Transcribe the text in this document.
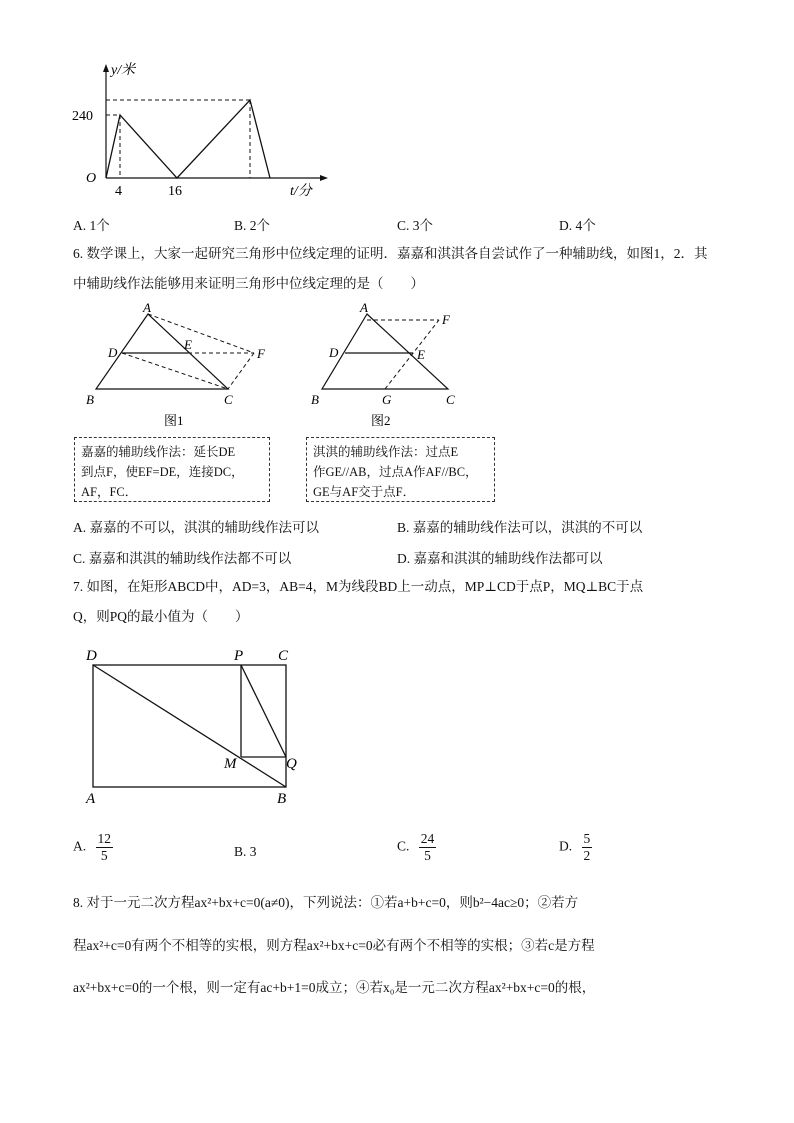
y/米
240
O
4	16	t/分
A. 1个	B. 2个	C. 3个	D. 4个
6. 数学课上，大家一起研究三角形中位线定理的证明．嘉嘉和淇淇各自尝试作了一种辅助线，如图1，2．其
中辅助线作法能够用来证明三角形中位线定理的是（　　）
A
D
E
F
B	C
图1
A
F
D	E
B	G	C
图2
嘉嘉的辅助线作法：延长DE
到点F，使EF=DE，连接DC，
AF，FC．
淇淇的辅助线作法：过点E
作GE//AB，过点A作AF//BC，
GE与AF交于点F．
A. 嘉嘉的不可以，淇淇的辅助线作法可以	B. 嘉嘉的辅助线作法可以，淇淇的不可以
C. 嘉嘉和淇淇的辅助线作法都不可以	D. 嘉嘉和淇淇的辅助线作法都可以
7. 如图，在矩形ABCD中，AD=3，AB=4，M为线段BD上一动点，MP⊥CD于点P，MQ⊥BC于点
Q，则PQ的最小值为（　　）
D	P C
M	Q
A	B
A. $\frac{12}{5}$	B. 3	C. $\frac{24}{5}$	D. $\frac{5}{2}$
8. 对于一元二次方程ax²+bx+c=0(a≠0)，下列说法：①若a+b+c=0，则b²−4ac≥0；②若方
程ax²+c=0有两个不相等的实根，则方程ax²+bx+c=0必有两个不相等的实根；③若c是方程
ax²+bx+c=0的一个根，则一定有ac+b+1=0成立；④若x₀是一元二次方程ax²+bx+c=0的根，
